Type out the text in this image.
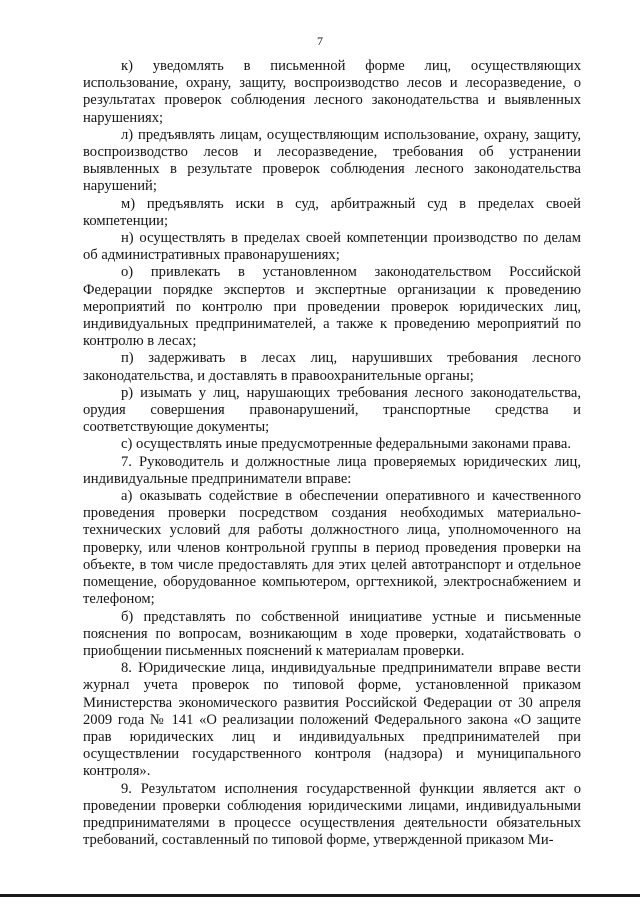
7

к) уведомлять в письменной форме лиц, осуществляющих использование, охрану, защиту, воспроизводство лесов и лесоразведение, о результатах проверок соблюдения лесного законодательства и выявленных нарушениях;

л) предъявлять лицам, осуществляющим использование, охрану, защиту, воспроизводство лесов и лесоразведение, требования об устранении выявленных в результате проверок соблюдения лесного законодательства нарушений;

м) предъявлять иски в суд, арбитражный суд в пределах своей компетенции;

н) осуществлять в пределах своей компетенции производство по делам об административных правонарушениях;

о) привлекать в установленном законодательством Российской Федерации порядке экспертов и экспертные организации к проведению мероприятий по контролю при проведении проверок юридических лиц, индивидуальных предпринимателей, а также к проведению мероприятий по контролю в лесах;

п) задерживать в лесах лиц, нарушивших требования лесного законодательства, и доставлять в правоохранительные органы;

р) изымать у лиц, нарушающих требования лесного законодательства, орудия совершения правонарушений, транспортные средства и соответствующие документы;

с) осуществлять иные предусмотренные федеральными законами права.

7. Руководитель и должностные лица проверяемых юридических лиц, индивидуальные предприниматели вправе:

а) оказывать содействие в обеспечении оперативного и качественного проведения проверки посредством создания необходимых материально-технических условий для работы должностного лица, уполномоченного на проверку, или членов контрольной группы в период проведения проверки на объекте, в том числе предоставлять для этих целей автотранспорт и отдельное помещение, оборудованное компьютером, оргтехникой, электроснабжением и телефоном;

б) представлять по собственной инициативе устные и письменные пояснения по вопросам, возникающим в ходе проверки, ходатайствовать о приобщении письменных пояснений к материалам проверки.

8. Юридические лица, индивидуальные предприниматели вправе вести журнал учета проверок по типовой форме, установленной приказом Министерства экономического развития Российской Федерации от 30 апреля 2009 года № 141 «О реализации положений Федерального закона «О защите прав юридических лиц и индивидуальных предпринимателей при осуществлении государственного контроля (надзора) и муниципального контроля».

9. Результатом исполнения государственной функции является акт о проведении проверки соблюдения юридическими лицами, индивидуальными предпринимателями в процессе осуществления деятельности обязательных требований, составленный по типовой форме, утвержденной приказом Ми-
